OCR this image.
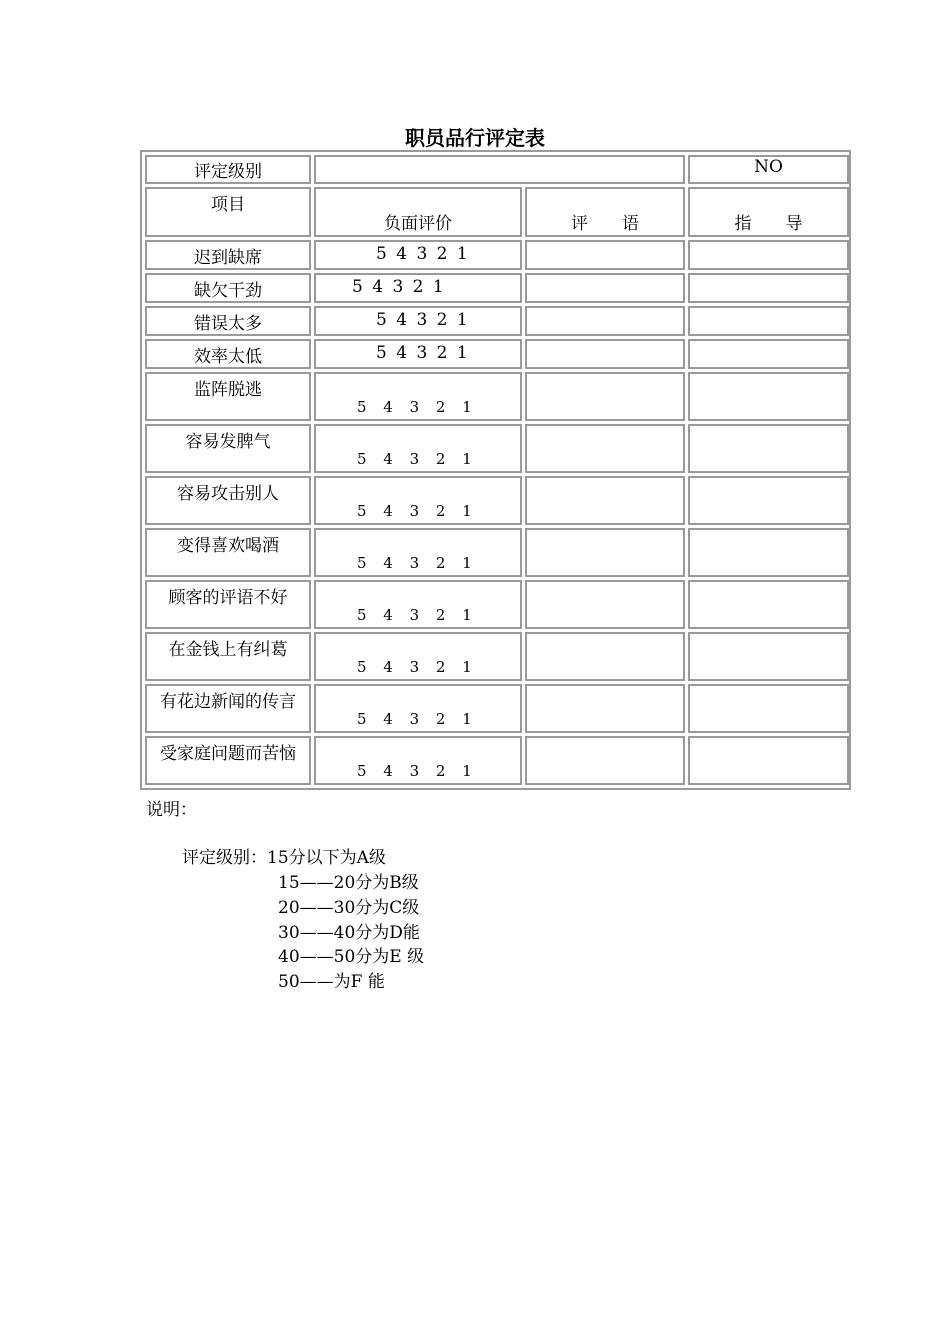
职员品行评定表
评定级别			NO
项目	负面评价	评　　语	指　　导

迟到缺席	5 4 3 2 1		
缺欠干劲	5 4 3 2 1		
错误太多	5 4 3 2 1		
效率太低	5 4 3 2 1		
监阵脱逃	5 4 3 2 1		
容易发脾气	5 4 3 2 1		
容易攻击别人	5 4 3 2 1		
变得喜欢喝酒	5 4 3 2 1		
顾客的评语不好	5 4 3 2 1		
在金钱上有纠葛	5 4 3 2 1		
有花边新闻的传言	5 4 3 2 1		
受家庭问题而苦恼	5 4 3 2 1		
说明：
评定级别：15分以下为A级
15——20分为B级
20——30分为C级
30——40分为D能
40——50分为E 级
50——为F 能
